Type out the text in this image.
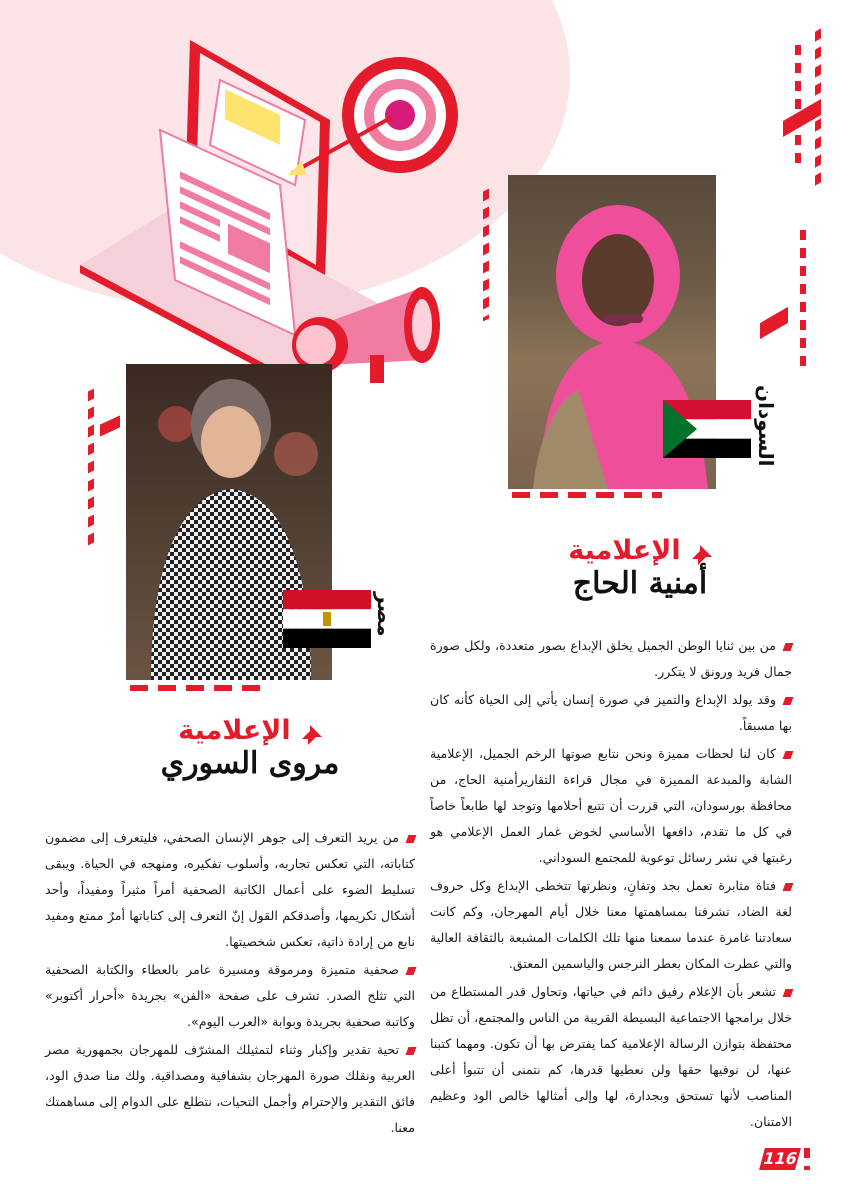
السودان
مصر
الإعلامية
أمنية الحاج
الإعلامية
مروى السوري

من بين ثنايا الوطن الجميل يخلق الإبداع بصور متعددة، ولكل صورة جمال فريد ورونق لا يتكرر.

وقد يولد الإبداع والتميز في صورة إنسان يأتي إلى الحياة كأنه كان بها مسبقاً.

كان لنا لحظات مميزة ونحن نتابع صوتها الرخم الجميل، الإعلامية الشابة والمبدعة المميزة في مجال قراءة التقاريرأمنية الحاج، من محافظة بورسودان، التي قررت أن تتبع أحلامها وتوجد لها طابعاً خاصاً في كل ما تقدم، دافعها الأساسي لخوض غمار العمل الإعلامي هو رغبتها في نشر رسائل توعوية للمجتمع السوداني.

فتاة مثابرة تعمل بجد وتفانٍ، ونظرتها تتخطى الإبداع وكل حروف لغة الضاد، تشرفنا بمساهمتها معنا خلال أيام المهرجان، وكم كانت سعادتنا غامرة عندما سمعنا منها تلك الكلمات المشبعة بالثقافة العالية والتي عطرت المكان بعطر النرجس والياسمين المعتق.

تشعر بأن الإعلام رفيق دائم في حياتها، وتحاول قدر المستطاع من خلال برامجها الاجتماعية البسيطة القريبة من الناس والمجتمع، أن تظل محتفظة بتوازن الرسالة الإعلامية كما يفترض بها أن تكون. ومهما كتبنا عنها، لن نوفيها حقها ولن نعطيها قدرها، كم نتمنى أن تتبوأ أعلى المناصب لأنها تستحق وبجدارة، لها وإلى أمثالها خالص الود وعظيم الامتنان.

من يريد التعرف إلى جوهر الإنسان الصحفي، فليتعرف إلى مضمون كتاباته، التي تعكس تجاربه، وأسلوب تفكيره، ومنهجه في الحياة. ويبقى تسليط الضوء على أعمال الكاتبة الصحفية أمراً مثيراً ومفيداً، وأحد أشكال تكريمها، وأصدقكم القول إنّ التعرف إلى كتاباتها أمرٌ ممتع ومفيد نابع من إرادة ذاتية، تعكس شخصيتها.

صحفية متميزة ومرموقة ومسيرة عامر بالعطاء والكتابة الصحفية التي تثلج الصدر. تشرف على صفحة «الفن» بجريدة «أحرار أكتوبر» وكاتبة صحفية بجريدة وبوابة «العرب اليوم».

تحية تقدير وإكبار وثناء لتمثيلك المشرّف للمهرجان بجمهورية مصر العربية ونقلك صورة المهرجان بشفافية ومصداقية. ولك منا صدق الود، فائق التقدير والإحترام وأجمل التحيات، نتطلع على الدوام إلى مساهمتك معنا.

116
